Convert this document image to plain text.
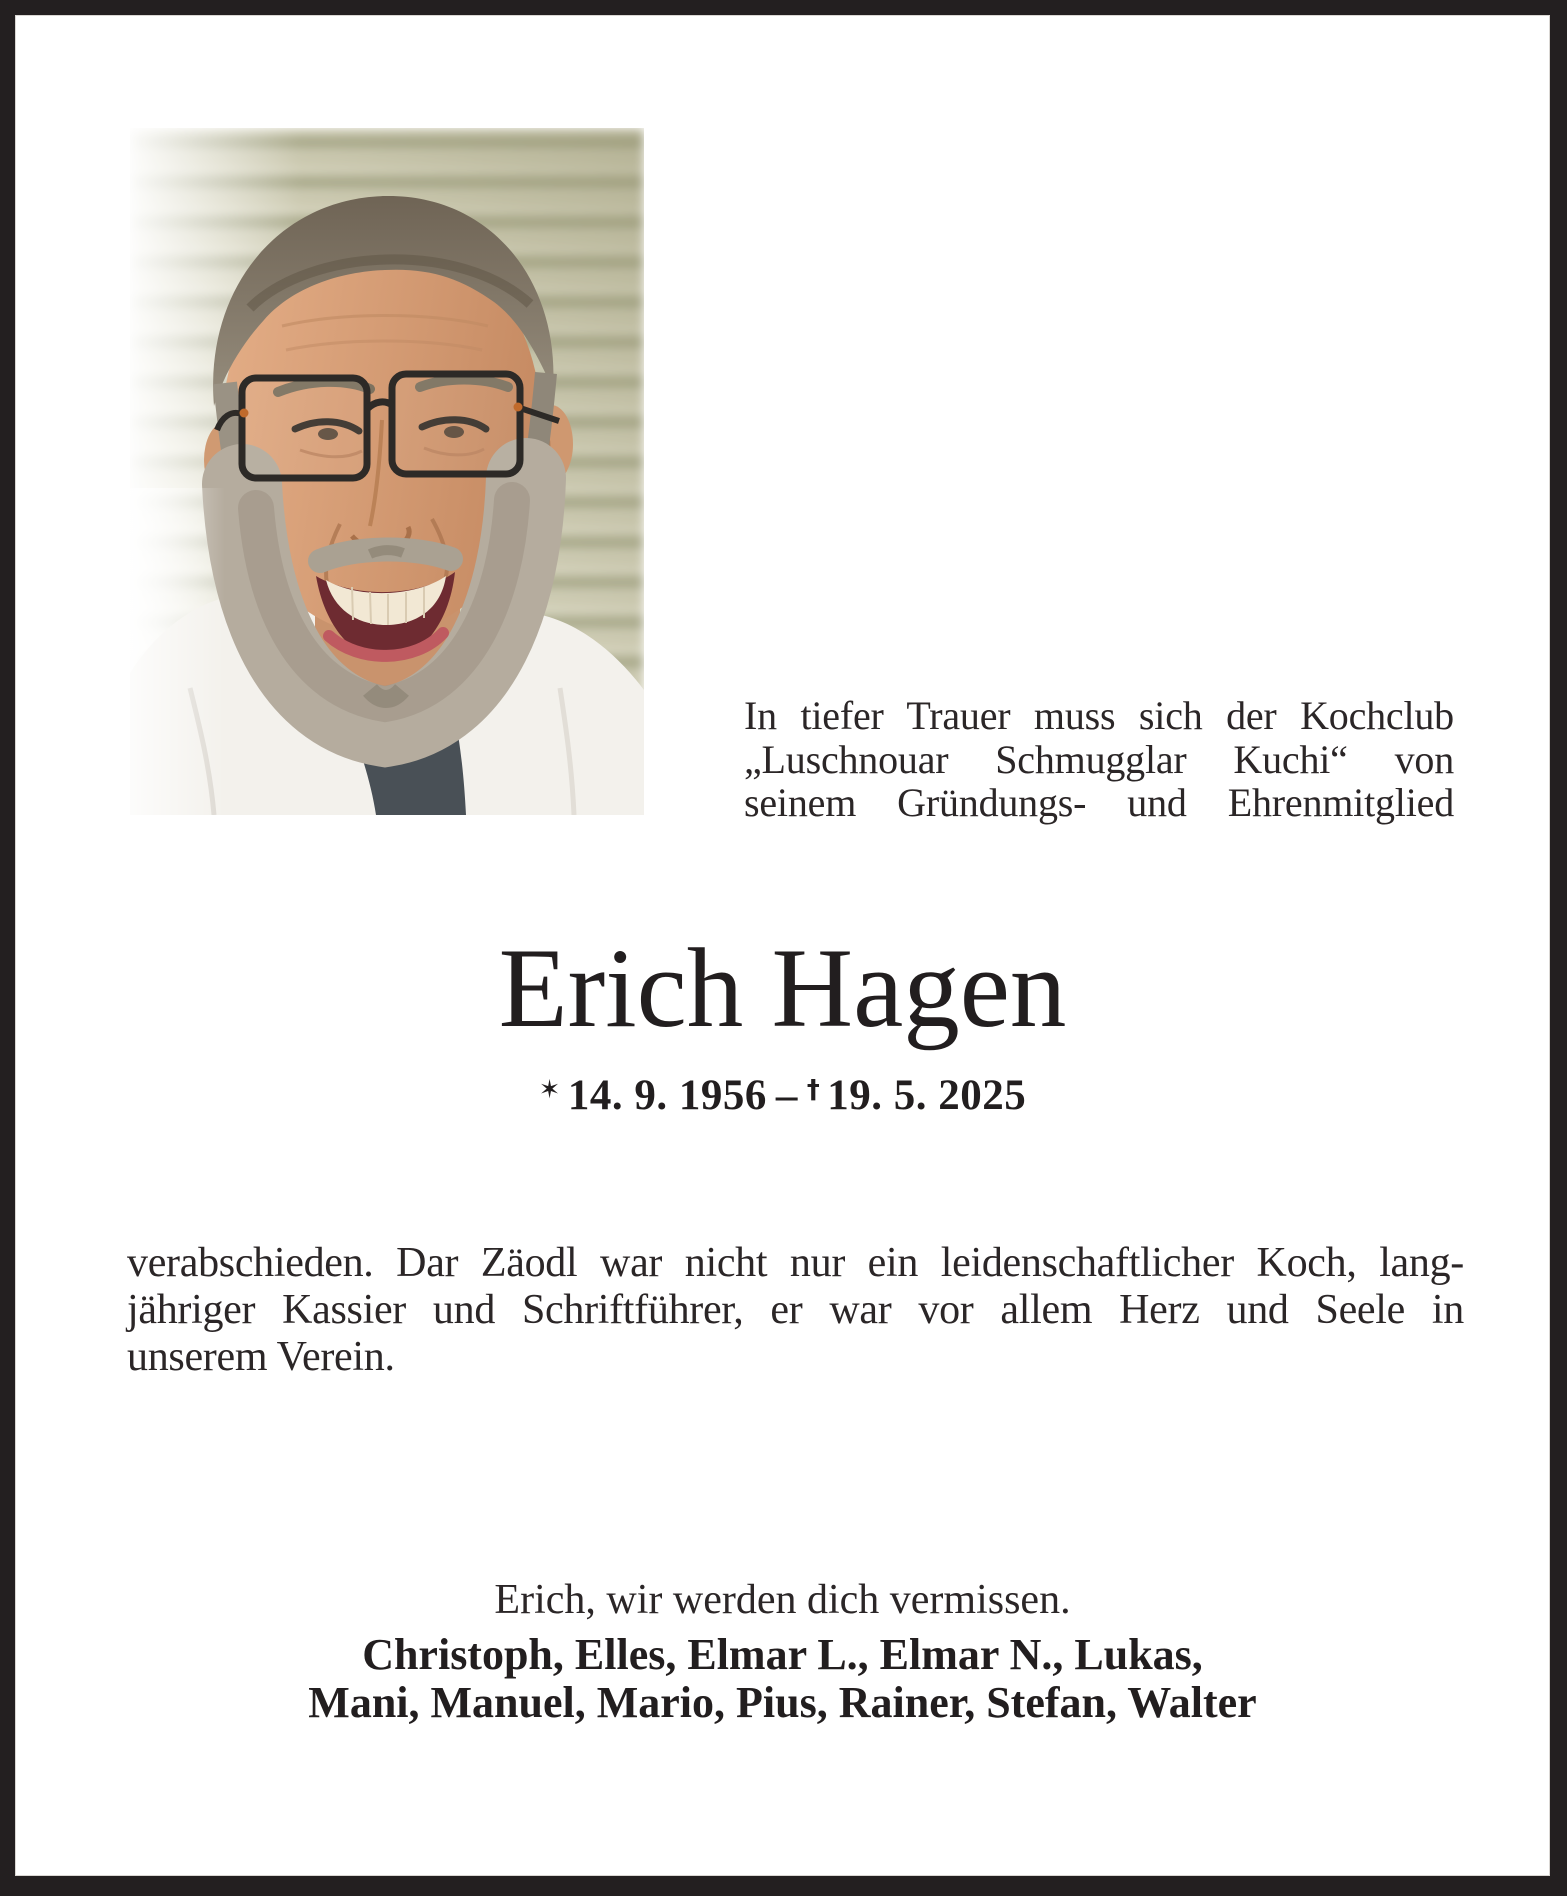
In tiefer Trauer muss sich der Kochclub
„Luschnouar Schmugglar Kuchi“ von
seinem Gründungs- und Ehrenmitglied
Erich Hagen
✶ 14. 9. 1956 – † 19. 5. 2025
verabschieden. Dar Zäodl war nicht nur ein leidenschaftlicher Koch, lang-
jähriger Kassier und Schriftführer, er war vor allem Herz und Seele in
unserem Verein.
Erich, wir werden dich vermissen.
Christoph, Elles, Elmar L., Elmar N., Lukas,
Mani, Manuel, Mario, Pius, Rainer, Stefan, Walter
